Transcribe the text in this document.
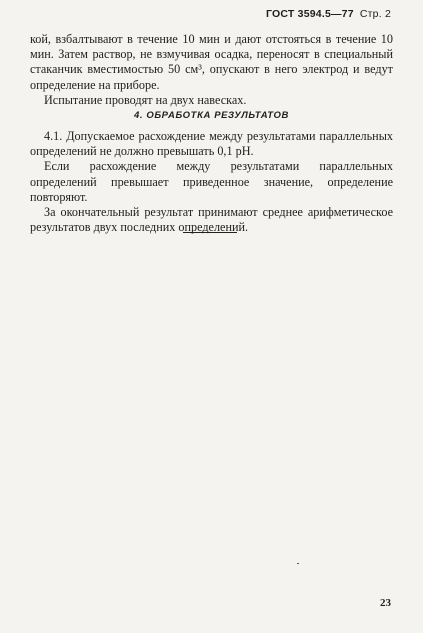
ГОСТ 3594.5—77 Стр. 2

кой, взбалтывают в течение 10 мин и дают отстояться в течение 10 мин. Затем раствор, не взмучивая осадка, переносят в специальный стаканчик вместимостью 50 см³, опускают в него электрод и ведут определение на приборе.

Испытание проводят на двух навесках.

4. ОБРАБОТКА РЕЗУЛЬТАТОВ

4.1. Допускаемое расхождение между результатами параллельных определений не должно превышать 0,1 pH.

Если расхождение между результатами параллельных определений превышает приведенное значение, определение повторяют.

За окончательный результат принимают среднее арифметическое результатов двух последних определений.

23
